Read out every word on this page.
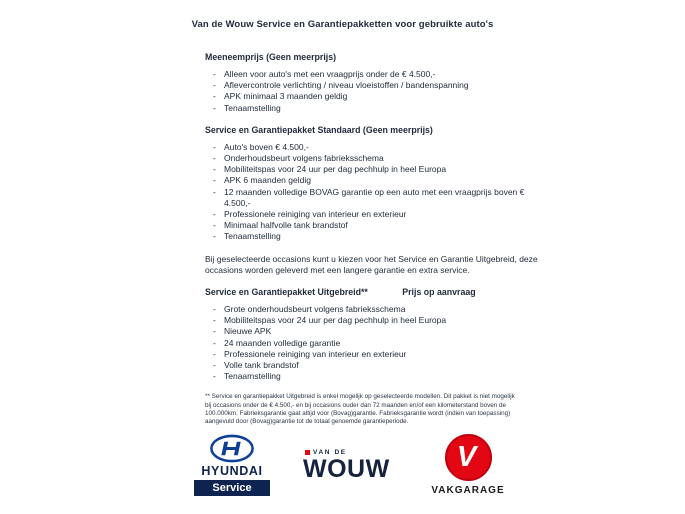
Van de Wouw Service en Garantiepakketten voor gebruikte auto's
Meeneemprijs (Geen meerprijs)
- Alleen voor auto's met een vraagprijs onder de € 4.500,-
- Aflevercontrole verlichting / niveau vloeistoffen / bandenspanning
- APK minimaal 3 maanden geldig
- Tenaamstelling
Service en Garantiepakket Standaard (Geen meerprijs)
- Auto's boven € 4.500,-
- Onderhoudsbeurt volgens fabrieksschema
- Mobiliteitspas voor 24 uur per dag pechhulp in heel Europa
- APK 6 maanden geldig
- 12 maanden volledige BOVAG garantie op een auto met een vraagprijs boven € 4.500,-
- Professionele reiniging van interieur en exterieur
- Minimaal halfvolle tank brandstof
- Tenaamstelling

Bij geselecteerde occasions kunt u kiezen voor het Service en Garantie Uitgebreid, deze occasions worden geleverd met een langere garantie en extra service.

Service en Garantiepakket Uitgebreid**	Prijs op aanvraag
- Grote onderhoudsbeurt volgens fabrieksschema
- Mobiliteitspas voor 24 uur per dag pechhulp in heel Europa
- Nieuwe APK
- 24 maanden volledige garantie
- Professionele reiniging van interieur en exterieur
- Volle tank brandstof
- Tenaamstelling

** Service en garantiepakket Uitgebreid is enkel mogelijk op geselecteerde modellen. Dit pakket is niet mogelijk bij occasions onder de € 4.500,- en bij occasions ouder dan 72 maanden en/of een kilometerstand boven de 100.000km. Fabrieksgarantie gaat altijd voor (Bovag)garantie. Fabrieksgarantie wordt (indien van toepassing) aangevuld door (Bovag)garantie tot de totaal genoemde garantieperiode.

HYUNDAI
Service
VAN DE
WOUW	V
VAKGARAGE
